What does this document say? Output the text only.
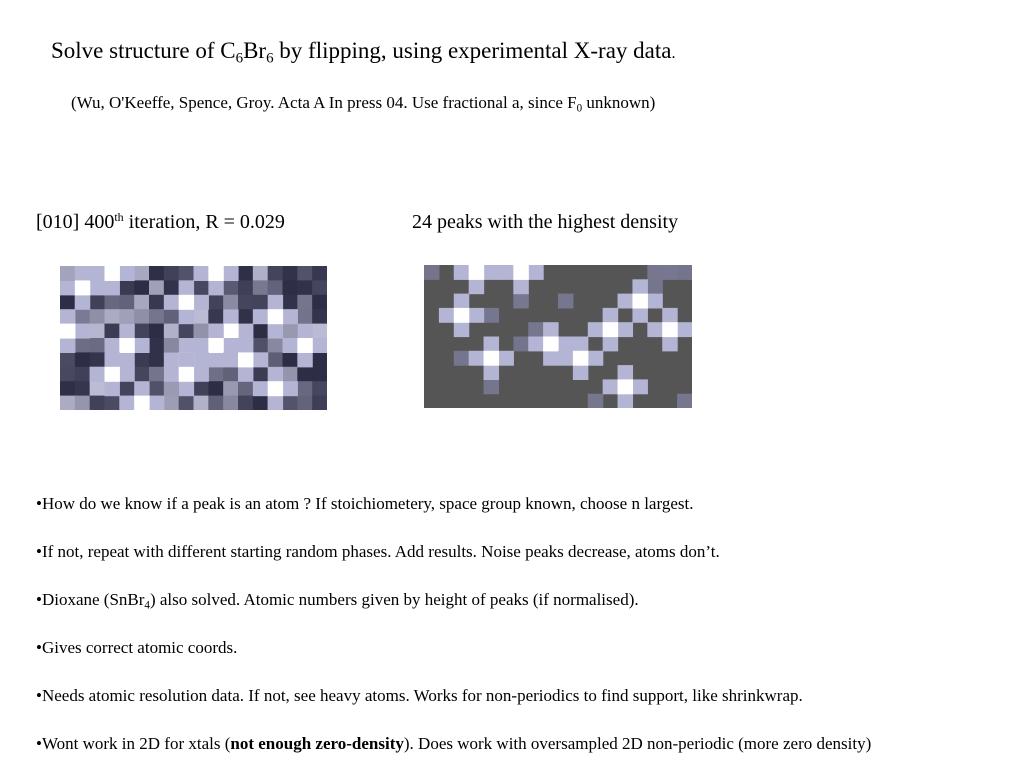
Solve structure of $C_6Br_6$ by flipping, using experimental X-ray data.
(Wu, O'Keeffe, Spence, Groy. Acta A In press 04. Use fractional a, since $F_0$ unknown)
[010] 400th iteration, R = 0.029	24 peaks with the highest density
•How do we know if a peak is an atom ? If stoichiometery, space group known, choose n largest.
•If not, repeat with different starting random phases. Add results. Noise peaks decrease, atoms don’t.
•Dioxane (SnBr$_4$) also solved. Atomic numbers given by height of peaks (if normalised).
•Gives correct atomic coords.
•Needs atomic resolution data. If not, see heavy atoms. Works for non-periodics to find support, like shrinkwrap.
•Wont work in 2D for xtals (not enough zero-density). Does work with oversampled 2D non-periodic (more zero density)
